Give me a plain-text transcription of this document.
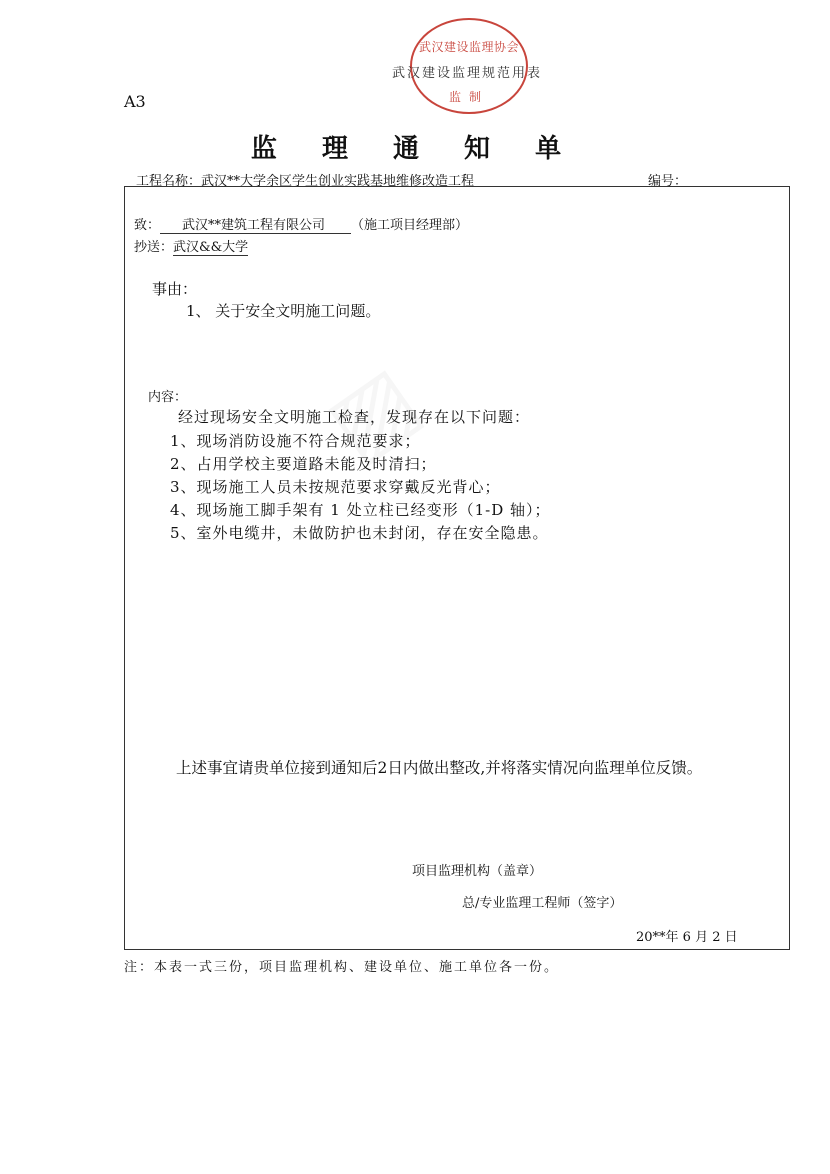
武汉建设监理协会
监制
武汉建设监理规范用表
A3
监 理 通 知 单
工程名称：武汉**大学余区学生创业实践基地维修改造工程	编号：
致： 武汉**建筑工程有限公司 （施工项目经理部）
抄送：武汉&&大学
事由：
1、 关于安全文明施工问题。
内容：
经过现场安全文明施工检查，发现存在以下问题：
1、现场消防设施不符合规范要求；
2、占用学校主要道路未能及时清扫；
3、现场施工人员未按规范要求穿戴反光背心；
4、现场施工脚手架有 1 处立柱已经变形（1-D 轴）；
5、室外电缆井，未做防护也未封闭，存在安全隐患。
上述事宜请贵单位接到通知后2日内做出整改,并将落实情况向监理单位反馈。
项目监理机构（盖章）
总/专业监理工程师（签字）
20**年 6 月 2 日
注：本表一式三份，项目监理机构、建设单位、施工单位各一份。
